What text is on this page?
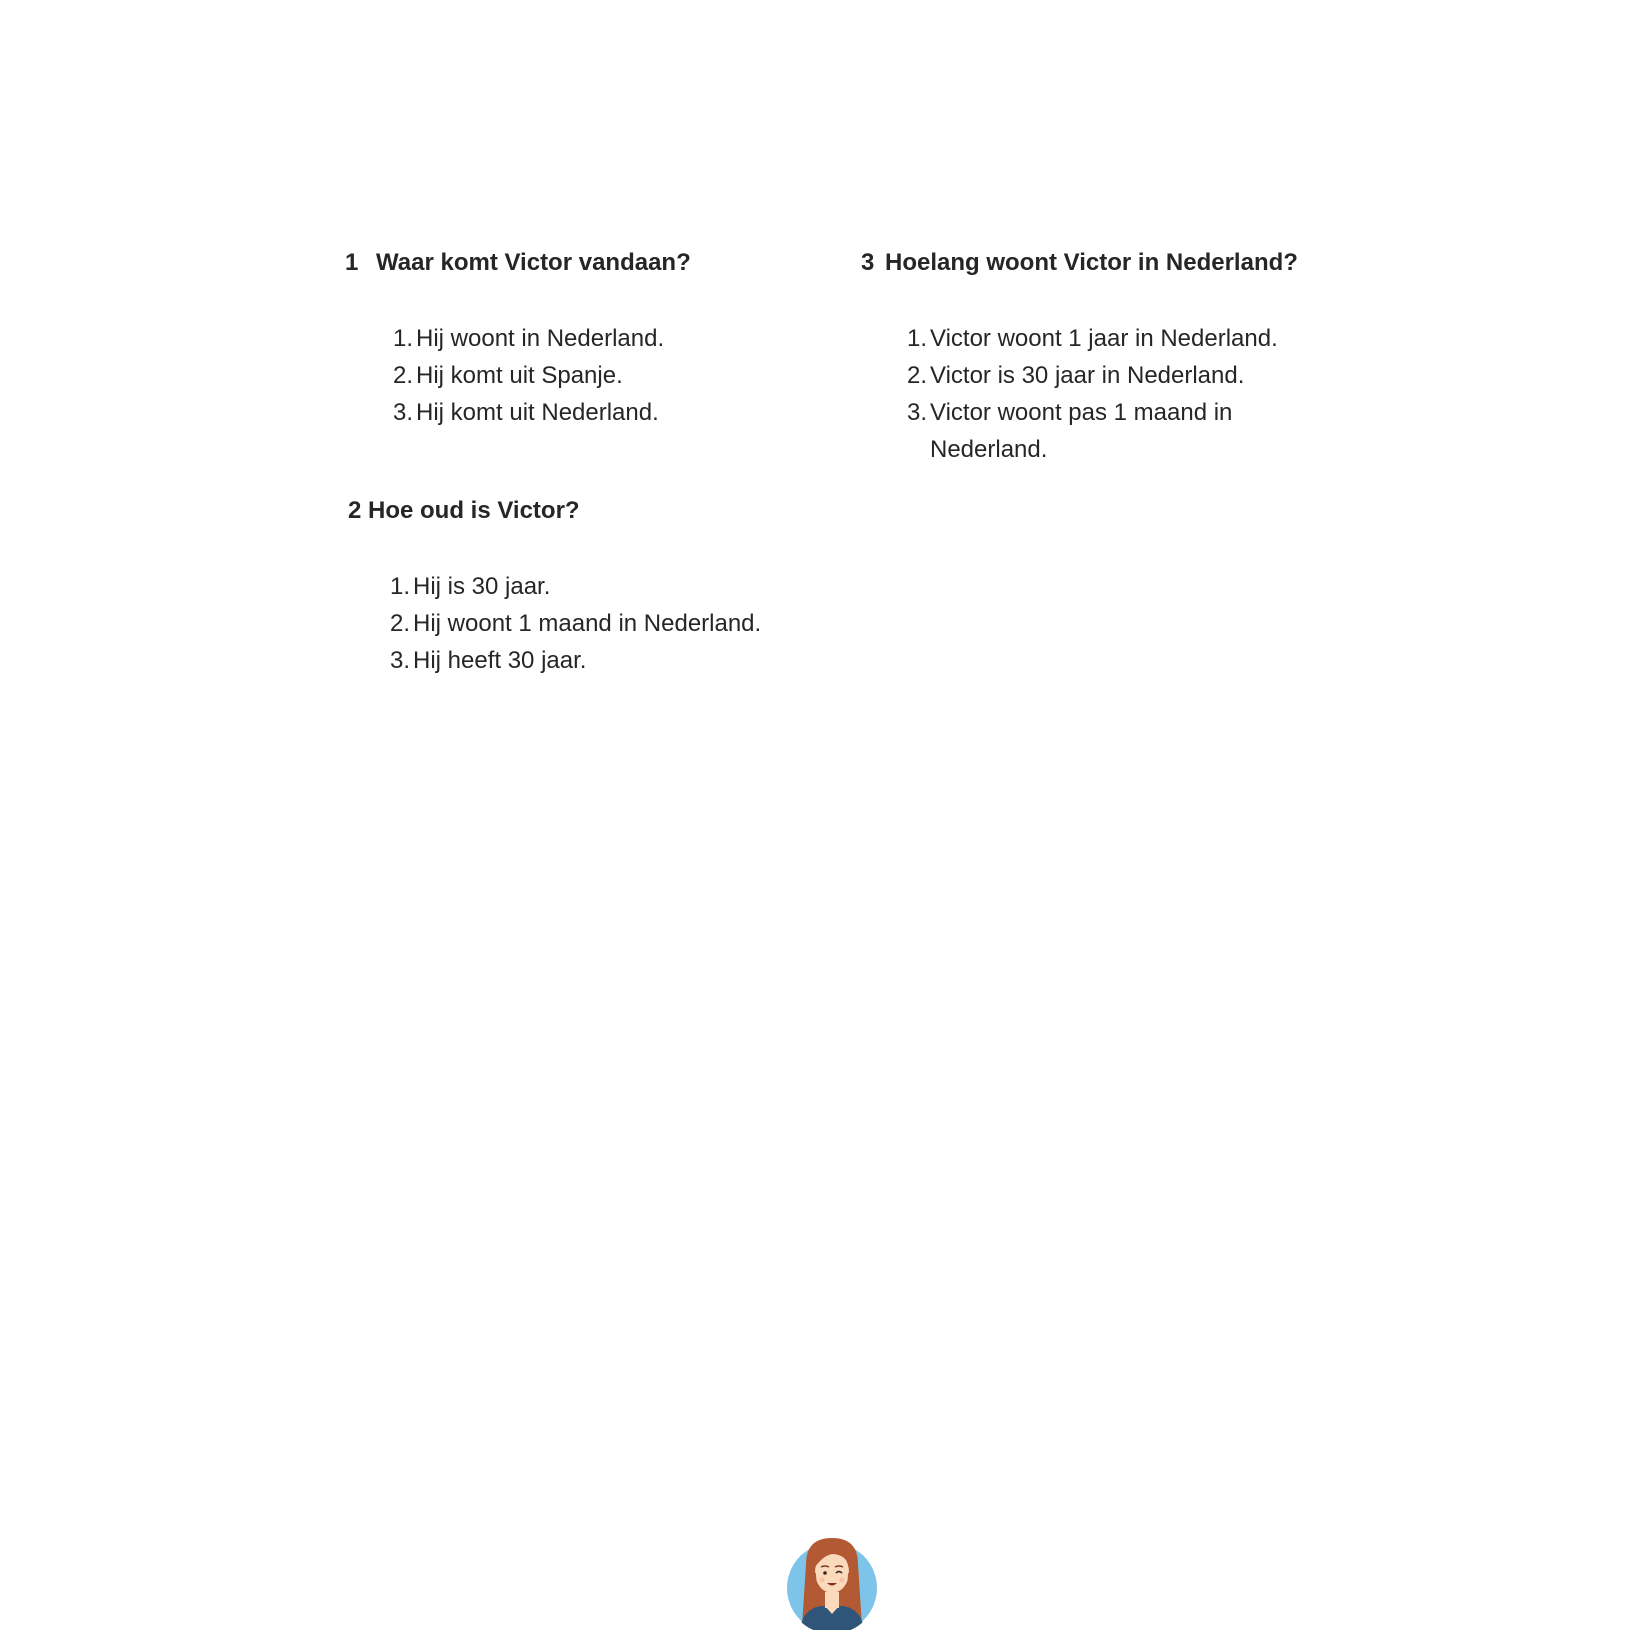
1 Waar komt Victor vandaan?

1. Hij woont in Nederland.
2. Hij komt uit Spanje.
3. Hij komt uit Nederland.

2 Hoe oud is Victor?

1. Hij is 30 jaar.
2. Hij woont 1 maand in Nederland.
3. Hij heeft 30 jaar.

3 Hoelang woont Victor in Nederland?

1. Victor woont 1 jaar in Nederland.
2. Victor is 30 jaar in Nederland.
3. Victor woont pas 1 maand in Nederland.
